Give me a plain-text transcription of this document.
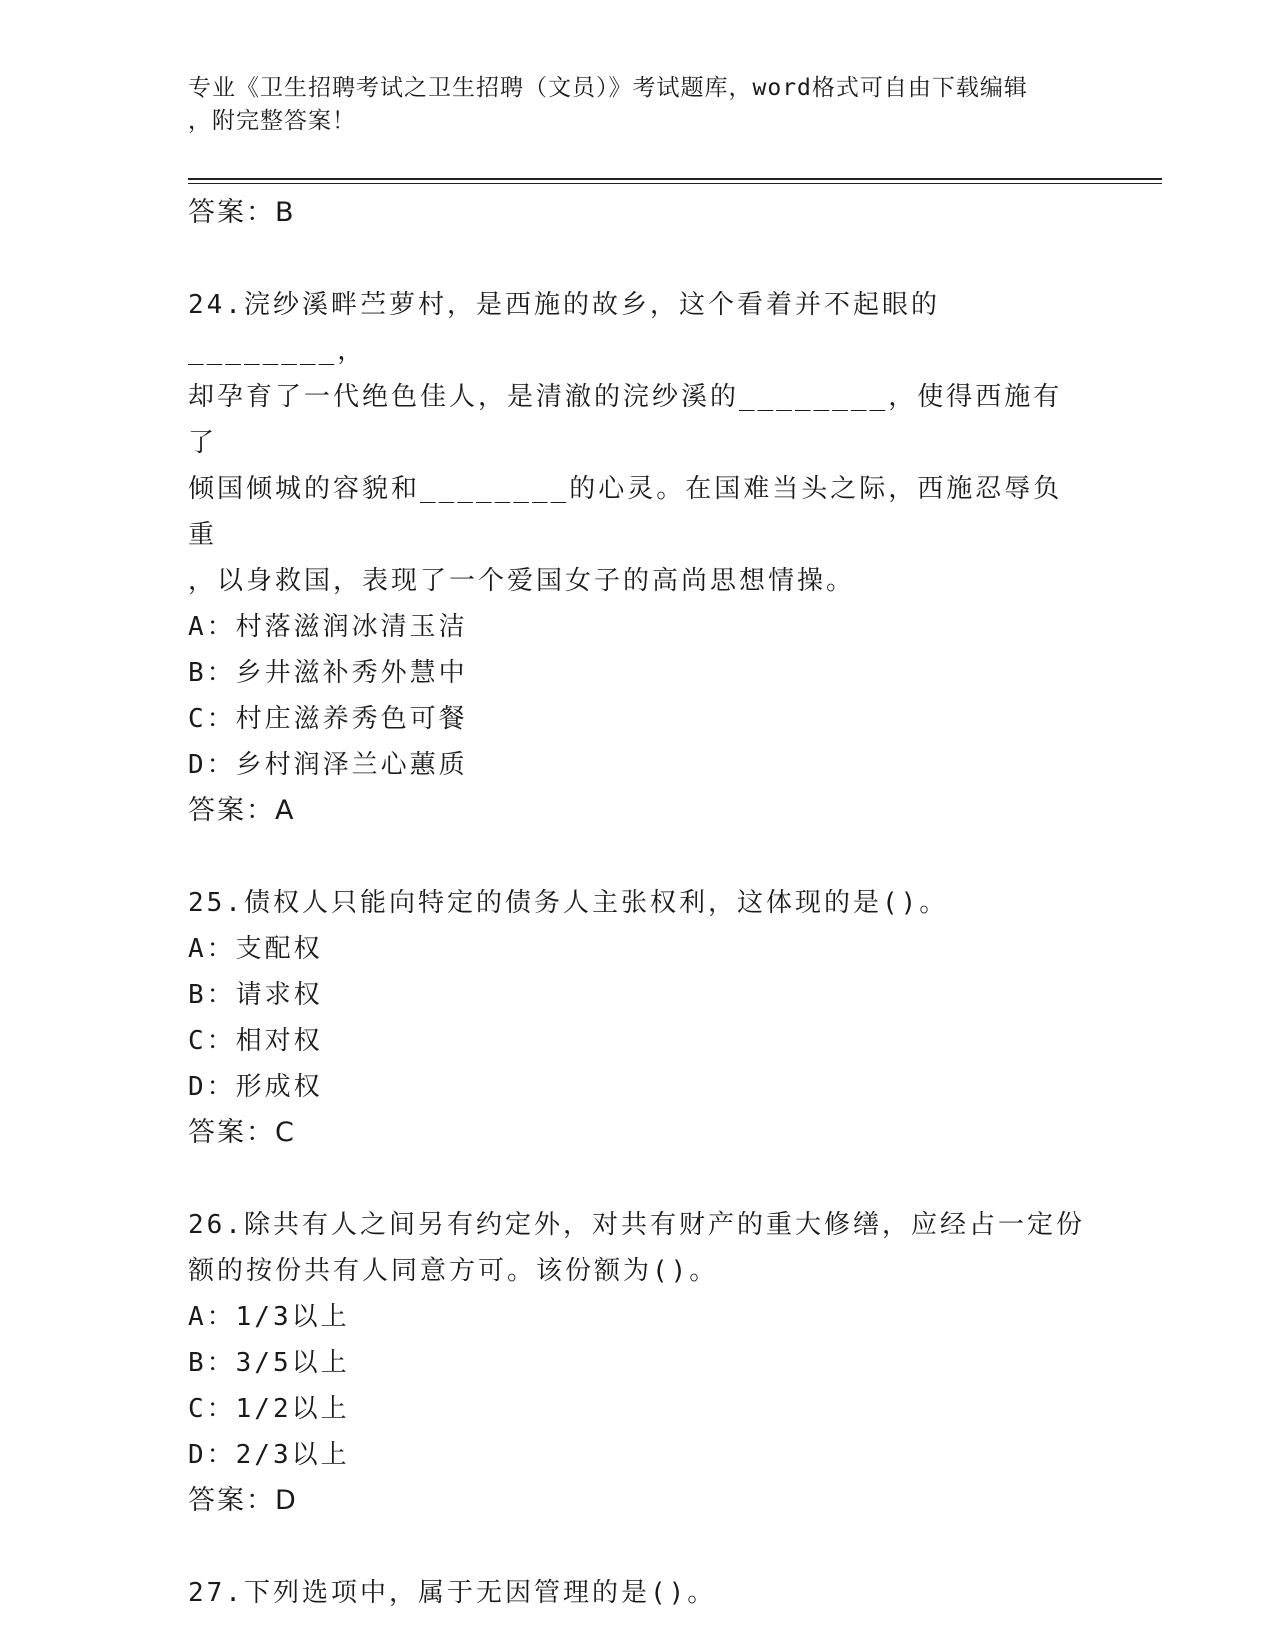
专业《卫生招聘考试之卫生招聘（文员）》考试题库，word格式可自由下载编辑
，附完整答案！

答案：B

24.浣纱溪畔苎萝村，是西施的故乡，这个看着并不起眼的________，

却孕育了一代绝色佳人，是清澈的浣纱溪的________，使得西施有了

倾国倾城的容貌和________的心灵。在国难当头之际，西施忍辱负重

，以身救国，表现了一个爱国女子的高尚思想情操。

A：村落滋润冰清玉洁

B：乡井滋补秀外慧中

C：村庄滋养秀色可餐

D：乡村润泽兰心蕙质

答案：A

25.债权人只能向特定的债务人主张权利，这体现的是()。

A：支配权

B：请求权

C：相对权

D：形成权

答案：C

26.除共有人之间另有约定外，对共有财产的重大修缮，应经占一定份

额的按份共有人同意方可。该份额为()。

A：1/3以上

B：3/5以上

C：1/2以上

D：2/3以上

答案：D

27.下列选项中，属于无因管理的是()。
